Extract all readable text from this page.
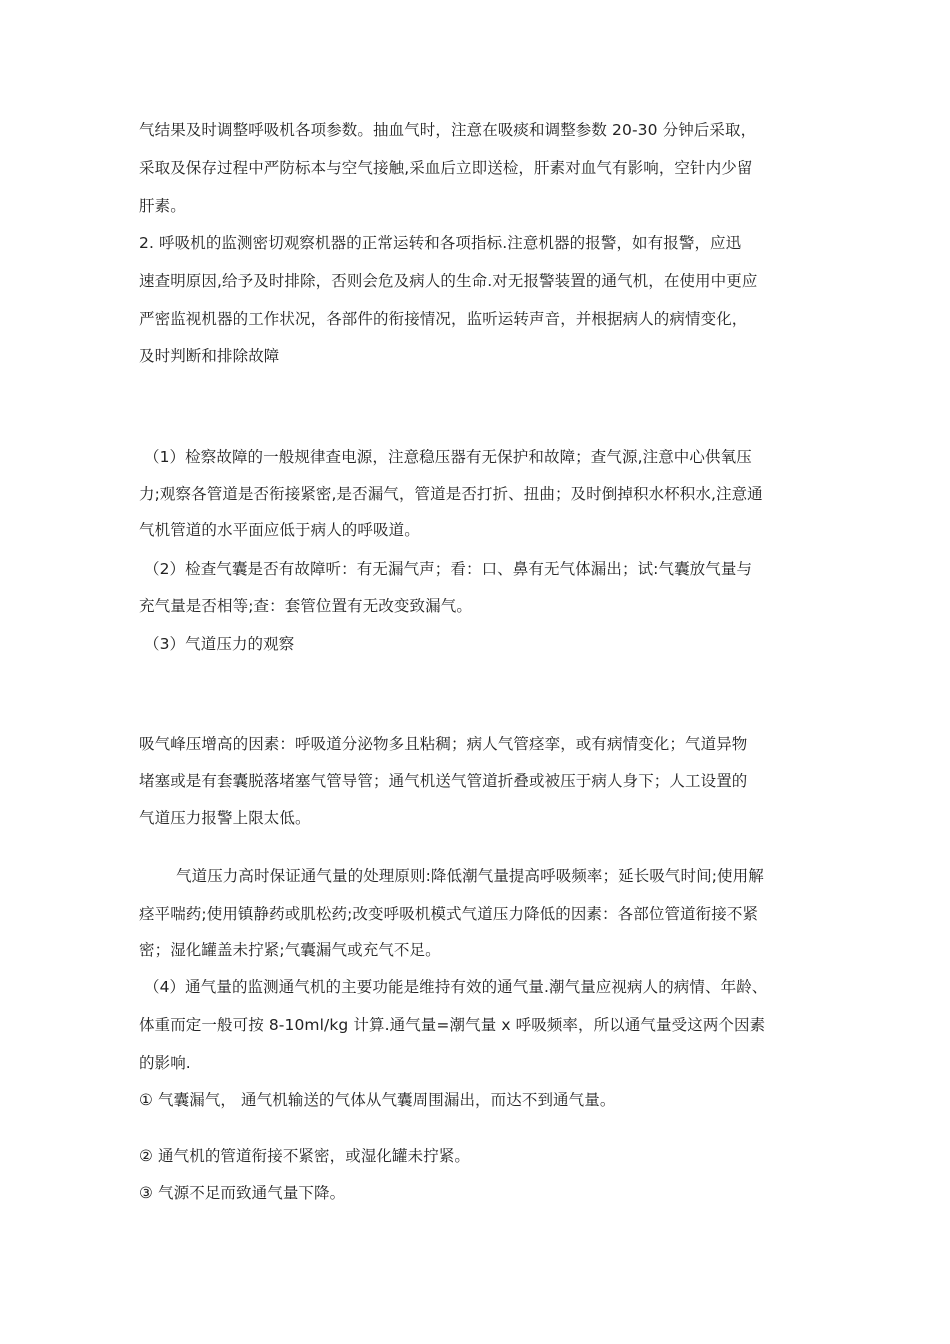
气结果及时调整呼吸机各项参数。抽血气时，注意在吸痰和调整参数 20-30 分钟后采取，
采取及保存过程中严防标本与空气接触,采血后立即送检，肝素对血气有影响，空针内少留
肝素。
2. 呼吸机的监测密切观察机器的正常运转和各项指标.注意机器的报警，如有报警，应迅
速查明原因,给予及时排除，否则会危及病人的生命.对无报警装置的通气机，在使用中更应
严密监视机器的工作状况，各部件的衔接情况，监听运转声音，并根据病人的病情变化，
及时判断和排除故障
（1）检察故障的一般规律查电源，注意稳压器有无保护和故障；查气源,注意中心供氧压
力;观察各管道是否衔接紧密,是否漏气，管道是否打折、扭曲；及时倒掉积水杯积水,注意通
气机管道的水平面应低于病人的呼吸道。
（2）检查气囊是否有故障听：有无漏气声；看：口、鼻有无气体漏出；试:气囊放气量与
充气量是否相等;查：套管位置有无改变致漏气。
（3）气道压力的观察
吸气峰压增高的因素：呼吸道分泌物多且粘稠；病人气管痉挛，或有病情变化；气道异物
堵塞或是有套囊脱落堵塞气管导管；通气机送气管道折叠或被压于病人身下；人工设置的
气道压力报警上限太低。
气道压力高时保证通气量的处理原则:降低潮气量提高呼吸频率；延长吸气时间;使用解
痉平喘药;使用镇静药或肌松药;改变呼吸机模式气道压力降低的因素：各部位管道衔接不紧
密；湿化罐盖未拧紧;气囊漏气或充气不足。
（4）通气量的监测通气机的主要功能是维持有效的通气量.潮气量应视病人的病情、年龄、
体重而定一般可按 8-10ml/kg 计算.通气量=潮气量 x 呼吸频率，所以通气量受这两个因素
的影响.
① 气囊漏气， 通气机输送的气体从气囊周围漏出，而达不到通气量。
② 通气机的管道衔接不紧密，或湿化罐未拧紧。
③ 气源不足而致通气量下降。
